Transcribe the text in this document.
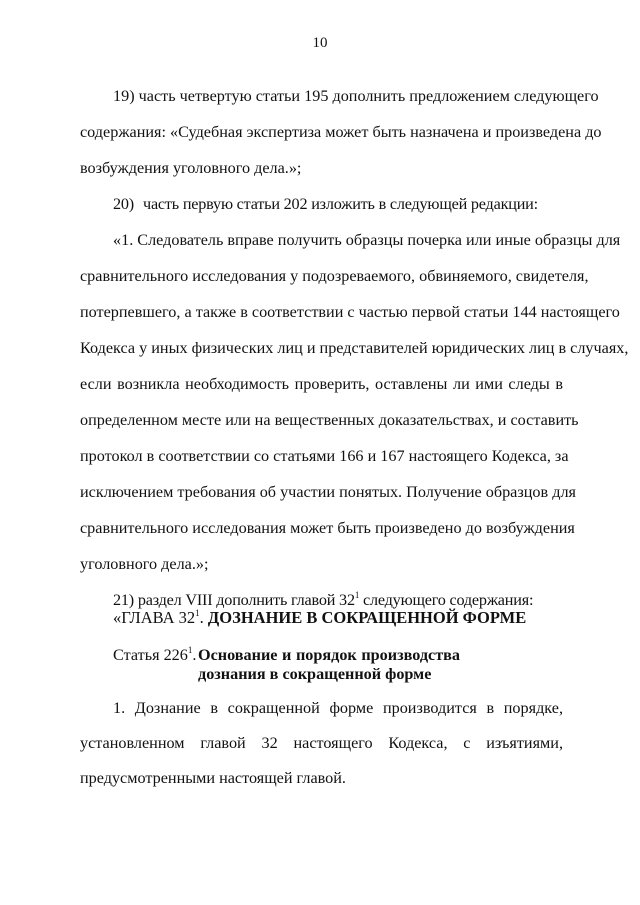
10
19) часть четвертую статьи 195 дополнить предложением следующего
содержания: «Судебная экспертиза может быть назначена и произведена до
возбуждения уголовного дела.»;
20) часть первую статьи 202 изложить в следующей редакции:
«1. Следователь вправе получить образцы почерка или иные образцы для
сравнительного исследования у подозреваемого, обвиняемого, свидетеля,
потерпевшего, а также в соответствии с частью первой статьи 144 настоящего
Кодекса у иных физических лиц и представителей юридических лиц в случаях,
если возникла необходимость проверить, оставлены ли ими следы в
определенном месте или на вещественных доказательствах, и составить
протокол в соответствии со статьями 166 и 167 настоящего Кодекса, за
исключением требования об участии понятых. Получение образцов для
сравнительного исследования может быть произведено до возбуждения
уголовного дела.»;
21) раздел VIII дополнить главой $32^1$ следующего содержания:
«ГЛАВА $32^1$. ДОЗНАНИЕ В СОКРАЩЕННОЙ ФОРМЕ
Статья $226^1$. Основание и порядок производства
дознания в сокращенной форме
1. Дознание в сокращенной форме производится в порядке,
установленном главой 32 настоящего Кодекса, с изъятиями,
предусмотренными настоящей главой.
